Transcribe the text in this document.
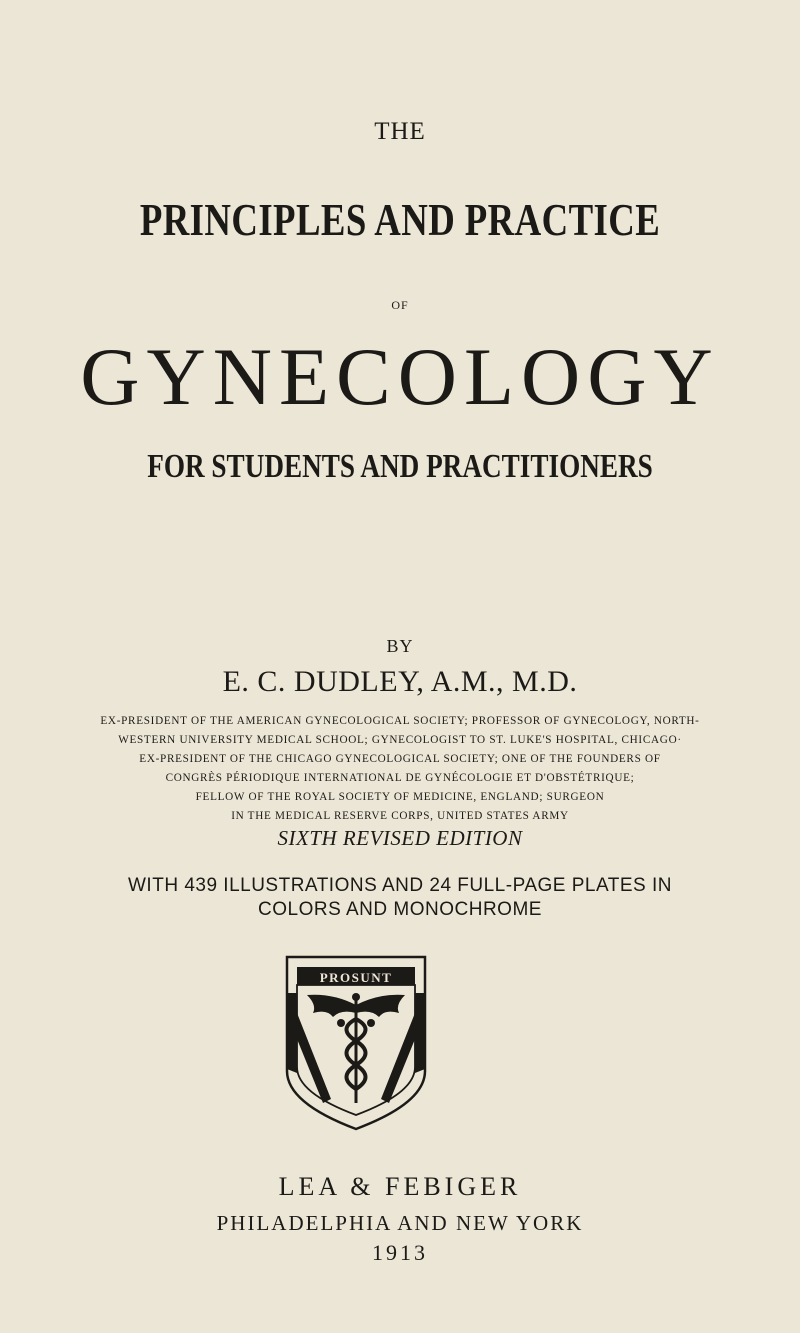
THE
PRINCIPLES AND PRACTICE
OF
GYNECOLOGY
FOR STUDENTS AND PRACTITIONERS
BY
E. C. DUDLEY, A.M., M.D.
EX-PRESIDENT OF THE AMERICAN GYNECOLOGICAL SOCIETY; PROFESSOR OF GYNECOLOGY, NORTH-
WESTERN UNIVERSITY MEDICAL SCHOOL; GYNECOLOGIST TO ST. LUKE'S HOSPITAL, CHICAGO·
EX-PRESIDENT OF THE CHICAGO GYNECOLOGICAL SOCIETY; ONE OF THE FOUNDERS OF
CONGRÈS PÉRIODIQUE INTERNATIONAL DE GYNÉCOLOGIE ET D'OBSTÉTRIQUE;
FELLOW OF THE ROYAL SOCIETY OF MEDICINE, ENGLAND; SURGEON
IN THE MEDICAL RESERVE CORPS, UNITED STATES ARMY
SIXTH REVISED EDITION
WITH 439 ILLUSTRATIONS AND 24 FULL-PAGE PLATES IN
COLORS AND MONOCHROME
PROSUNT
LEA & FEBIGER
PHILADELPHIA AND NEW YORK
1913
